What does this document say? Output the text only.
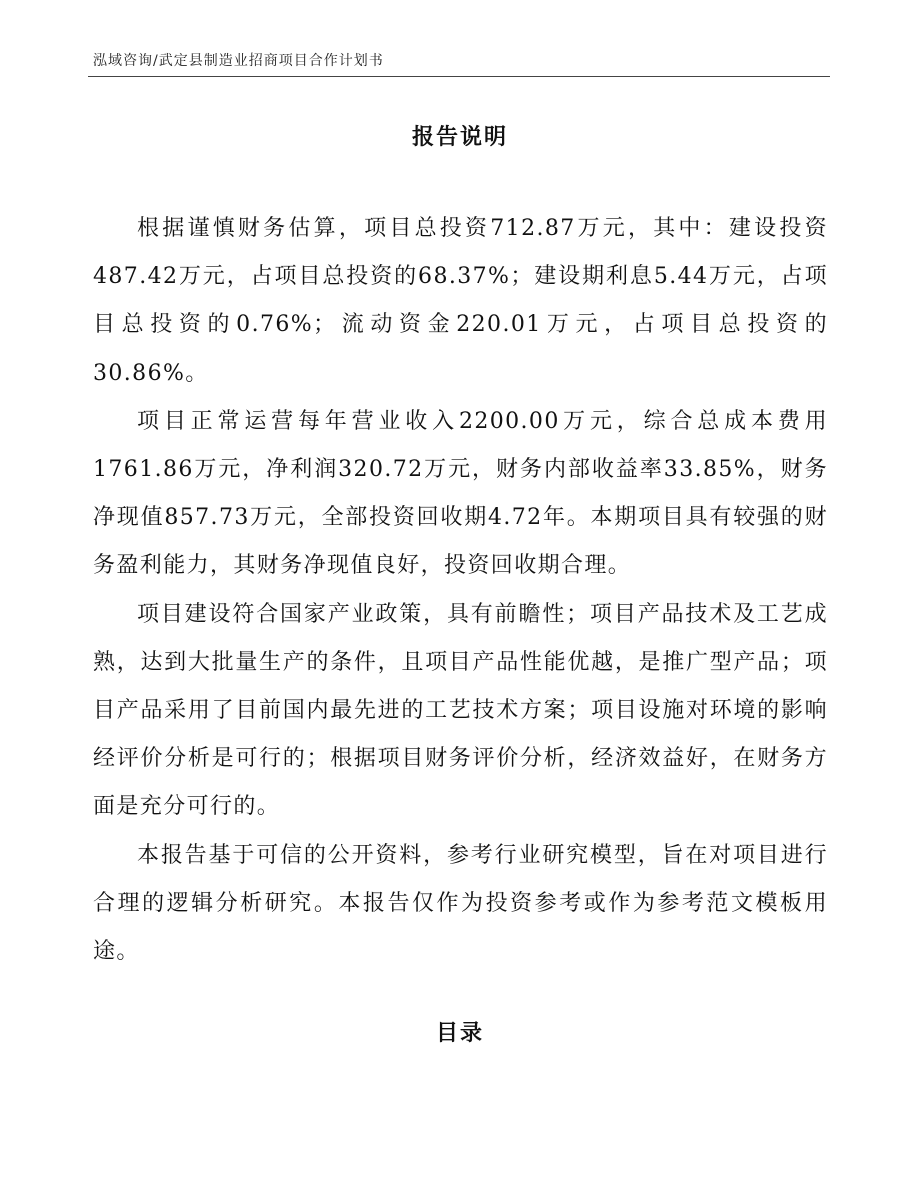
泓域咨询/武定县制造业招商项目合作计划书
报告说明

根据谨慎财务估算，项目总投资712.87万元，其中：建设投资487.42万元，占项目总投资的68.37%；建设期利息5.44万元，占项目总投资的0.76%；流动资金220.01万元，占项目总投资的30.86%。

项目正常运营每年营业收入2200.00万元，综合总成本费用1761.86万元，净利润320.72万元，财务内部收益率33.85%，财务净现值857.73万元，全部投资回收期4.72年。本期项目具有较强的财务盈利能力，其财务净现值良好，投资回收期合理。

项目建设符合国家产业政策，具有前瞻性；项目产品技术及工艺成熟，达到大批量生产的条件，且项目产品性能优越，是推广型产品；项目产品采用了目前国内最先进的工艺技术方案；项目设施对环境的影响经评价分析是可行的；根据项目财务评价分析，经济效益好，在财务方面是充分可行的。

本报告基于可信的公开资料，参考行业研究模型，旨在对项目进行合理的逻辑分析研究。本报告仅作为投资参考或作为参考范文模板用途。

目录
